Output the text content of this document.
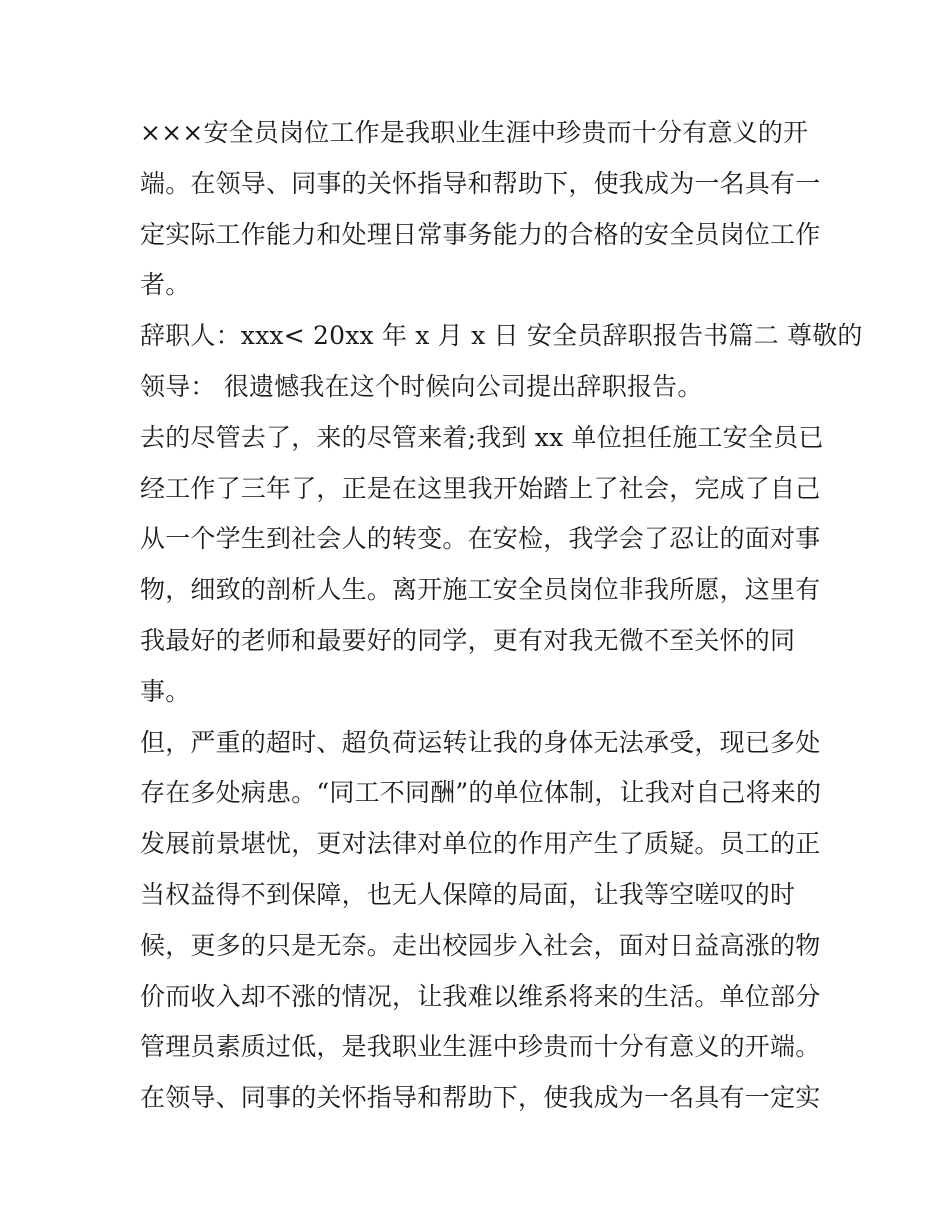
×××安全员岗位工作是我职业生涯中珍贵而十分有意义的开
端。在领导、同事的关怀指导和帮助下，使我成为一名具有一
定实际工作能力和处理日常事务能力的合格的安全员岗位工作
者。
辞职人：xxx< 20xx 年 x 月 x 日 安全员辞职报告书篇二 尊敬的
领导： 很遗憾我在这个时候向公司提出辞职报告。
去的尽管去了，来的尽管来着;我到 xx 单位担任施工安全员已
经工作了三年了，正是在这里我开始踏上了社会，完成了自己
从一个学生到社会人的转变。在安检，我学会了忍让的面对事
物，细致的剖析人生。离开施工安全员岗位非我所愿，这里有
我最好的老师和最要好的同学，更有对我无微不至关怀的同
事。
但，严重的超时、超负荷运转让我的身体无法承受，现已多处
存在多处病患。“同工不同酬”的单位体制，让我对自己将来的
发展前景堪忧，更对法律对单位的作用产生了质疑。员工的正
当权益得不到保障，也无人保障的局面，让我等空嗟叹的时
候，更多的只是无奈。走出校园步入社会，面对日益高涨的物
价而收入却不涨的情况，让我难以维系将来的生活。单位部分
管理员素质过低，是我职业生涯中珍贵而十分有意义的开端。
在领导、同事的关怀指导和帮助下，使我成为一名具有一定实
